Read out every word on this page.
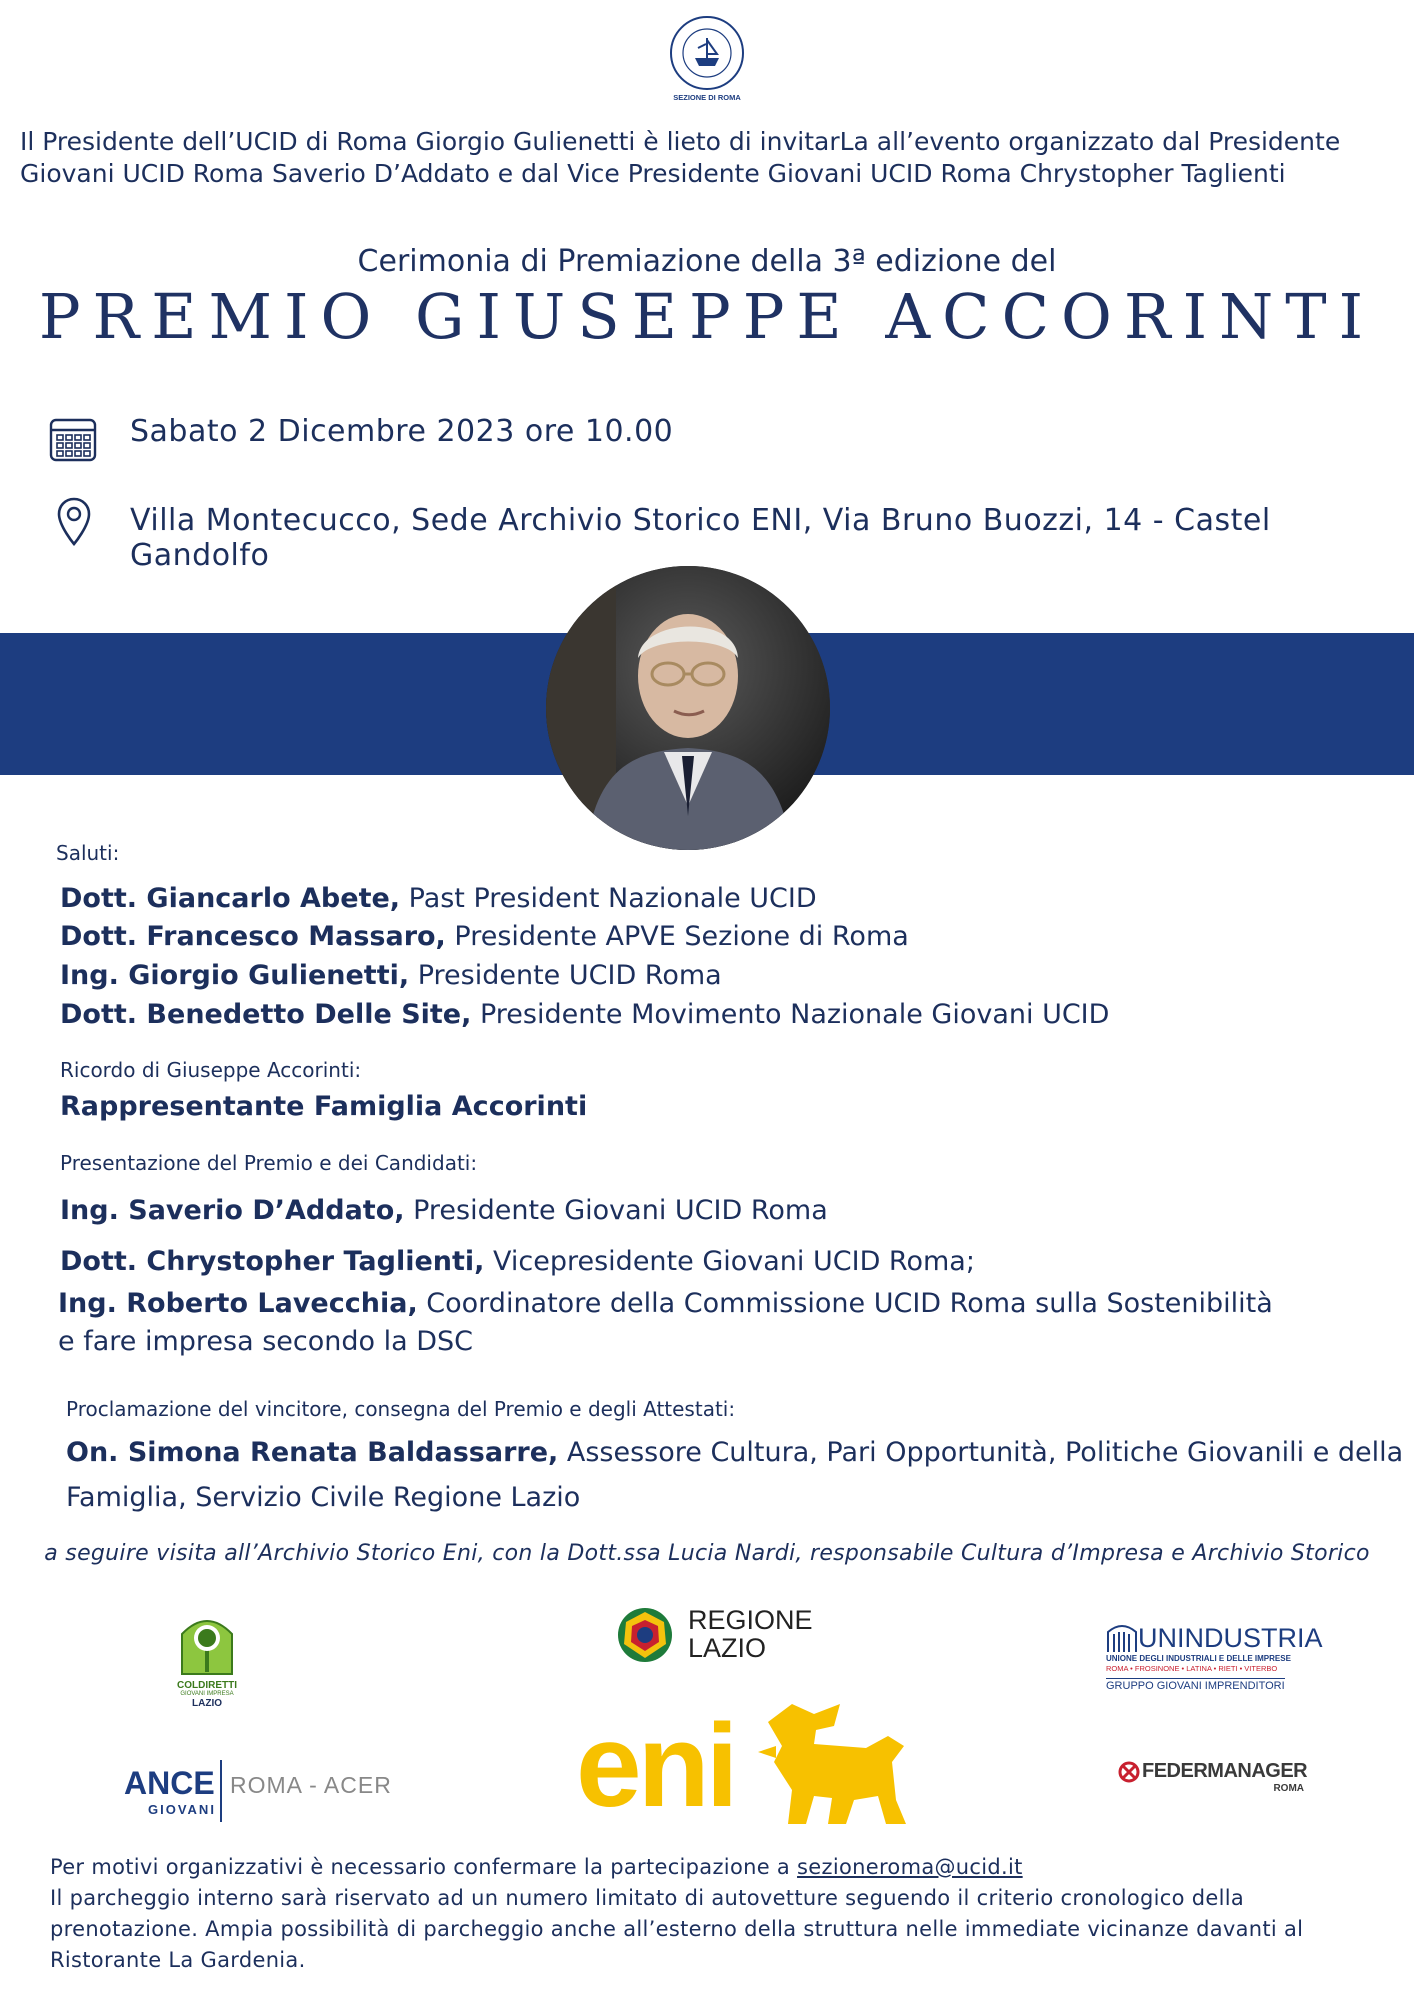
SEZIONE DI ROMA
Il Presidente dell’UCID di Roma Giorgio Gulienetti è lieto di invitarLa all’evento organizzato dal Presidente
Giovani UCID Roma Saverio D’Addato e dal Vice Presidente Giovani UCID Roma Chrystopher Taglienti
Cerimonia di Premiazione della 3ª edizione del
PREMIO GIUSEPPE ACCORINTI
Sabato 2 Dicembre 2023 ore 10.00
Villa Montecucco, Sede Archivio Storico ENI, Via Bruno Buozzi, 14 - Castel Gandolfo
Saluti:
Dott. Giancarlo Abete, Past President Nazionale UCID
Dott. Francesco Massaro, Presidente APVE Sezione di Roma
Ing. Giorgio Gulienetti, Presidente UCID Roma
Dott. Benedetto Delle Site, Presidente Movimento Nazionale Giovani UCID
Ricordo di Giuseppe Accorinti:
Rappresentante Famiglia Accorinti
Presentazione del Premio e dei Candidati:
Ing. Saverio D’Addato, Presidente Giovani UCID Roma
Dott. Chrystopher Taglienti, Vicepresidente Giovani UCID Roma;
Ing. Roberto Lavecchia, Coordinatore della Commissione UCID Roma sulla Sostenibilità
e fare impresa secondo la DSC
Proclamazione del vincitore, consegna del Premio e degli Attestati:
On. Simona Renata Baldassarre, Assessore Cultura, Pari Opportunità, Politiche Giovanili e della
Famiglia, Servizio Civile Regione Lazio
a seguire visita all’Archivio Storico Eni, con la Dott.ssa Lucia Nardi, responsabile Cultura d’Impresa e Archivio Storico
COLDIRETTI
GIOVANI IMPRESA
LAZIO
REGIONE
LAZIO	UNINDUSTRIA
UNIONE DEGLI INDUSTRIALI E DELLE IMPRESE
ROMA • FROSINONE • LATINA • RIETI • VITERBO
GRUPPO GIOVANI IMPRENDITORI
ANCE
GIOVANI
ROMA - ACER eni	FEDERMANAGER
ROMA
Per motivi organizzativi è necessario confermare la partecipazione a sezioneroma@ucid.it
Il parcheggio interno sarà riservato ad un numero limitato di autovetture seguendo il criterio cronologico della
prenotazione. Ampia possibilità di parcheggio anche all’esterno della struttura nelle immediate vicinanze davanti al
Ristorante La Gardenia.
